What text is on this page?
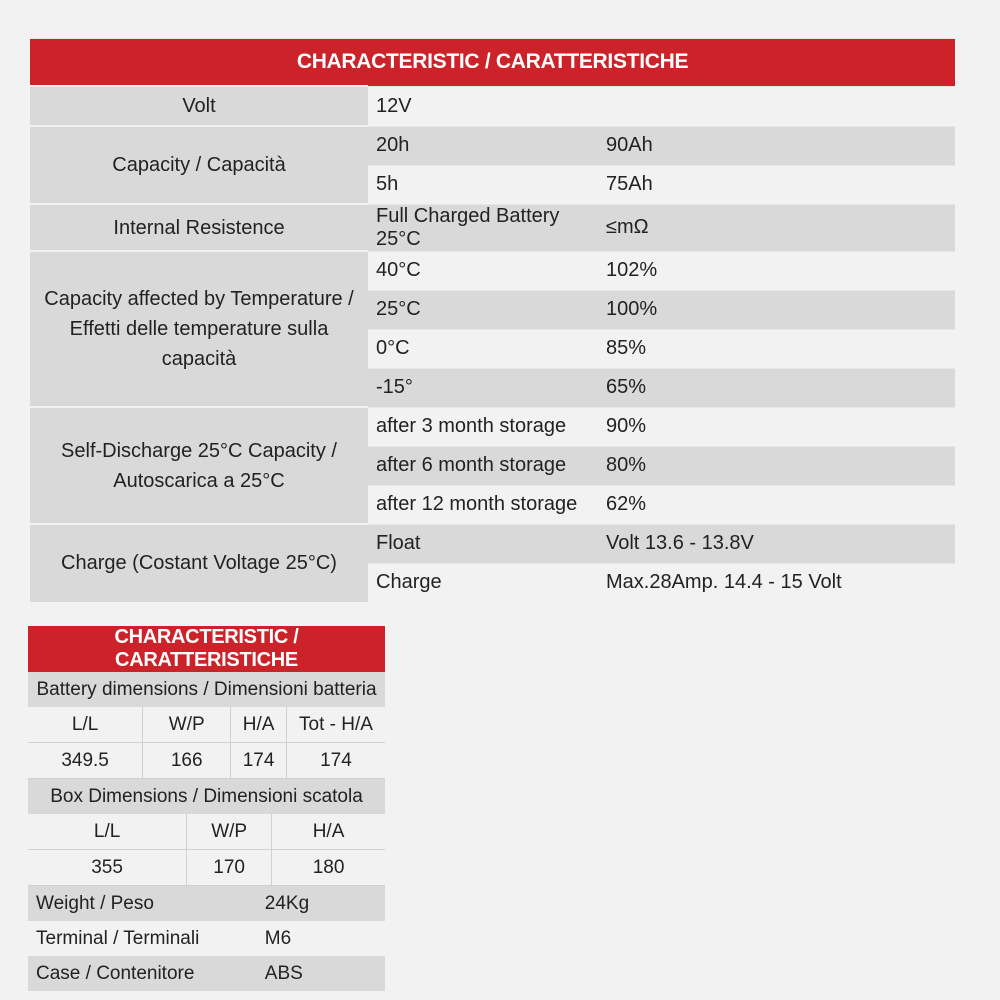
CHARACTERISTIC / CARATTERISTICHE		
Volt	12V	
Capacity / Capacità	20h	90Ah
	5h	75Ah
Internal Resistence	Full Charged Battery 25°C	≤mΩ
Capacity affected by Temperature /
Effetti delle temperature sulla capacità	40°C	102%
	25°C	100%
	0°C	85%
	-15°	65%
Self-Discharge 25°C Capacity /
Autoscarica a 25°C	after 3 month storage	90%
	after 6 month storage	80%
	after 12 month storage	62%
Charge (Costant Voltage 25°C)	Float	Volt 13.6 - 13.8V
	Charge	Max.28Amp. 14.4 - 15 Volt
CHARACTERISTIC / CARATTERISTICHE						
Battery dimensions / Dimensioni batteria						
L/L	W/P		H/A			Tot - H/A
349.5	166		174			174
Box Dimensions / Dimensioni scatola						
L/L		W/P			H/A	
355		170			180	
Weight / Peso				24Kg		
Terminal / Terminali				M6		
Case / Contenitore				ABS		
